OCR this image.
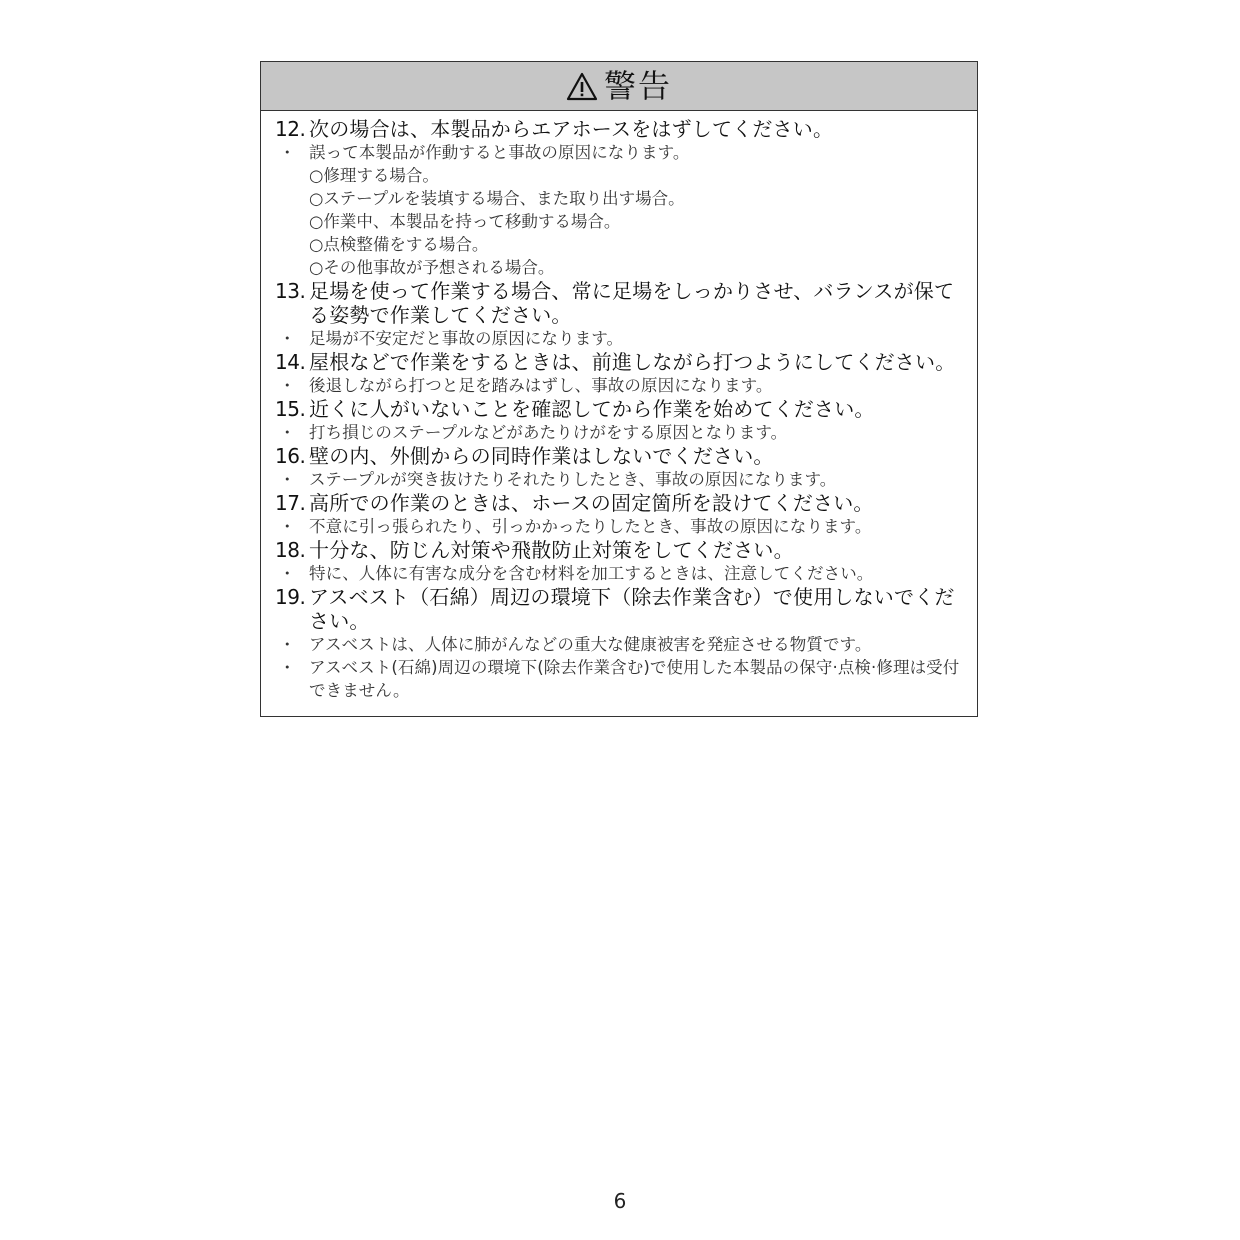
警告
12. 次の場合は、本製品からエアホースをはずしてください。
・ 誤って本製品が作動すると事故の原因になります。
○修理する場合。
○ステープルを装填する場合、また取り出す場合。
○作業中、本製品を持って移動する場合。
○点検整備をする場合。
○その他事故が予想される場合。
13. 足場を使って作業する場合、常に足場をしっかりさせ、バランスが保てる姿勢で作業してください。
・ 足場が不安定だと事故の原因になります。
14. 屋根などで作業をするときは、前進しながら打つようにしてください。
・ 後退しながら打つと足を踏みはずし、事故の原因になります。
15. 近くに人がいないことを確認してから作業を始めてください。
・ 打ち損じのステープルなどがあたりけがをする原因となります。
16. 壁の内、外側からの同時作業はしないでください。
・ ステープルが突き抜けたりそれたりしたとき、事故の原因になります。
17. 高所での作業のときは、ホースの固定箇所を設けてください。
・ 不意に引っ張られたり、引っかかったりしたとき、事故の原因になります。
18. 十分な、防じん対策や飛散防止対策をしてください。
・ 特に、人体に有害な成分を含む材料を加工するときは、注意してください。
19. アスベスト（石綿）周辺の環境下（除去作業含む）で使用しないでください。
・ アスベストは、人体に肺がんなどの重大な健康被害を発症させる物質です。
・ アスベスト(石綿)周辺の環境下(除去作業含む)で使用した本製品の保守·点検·修理は受付できません。
6
